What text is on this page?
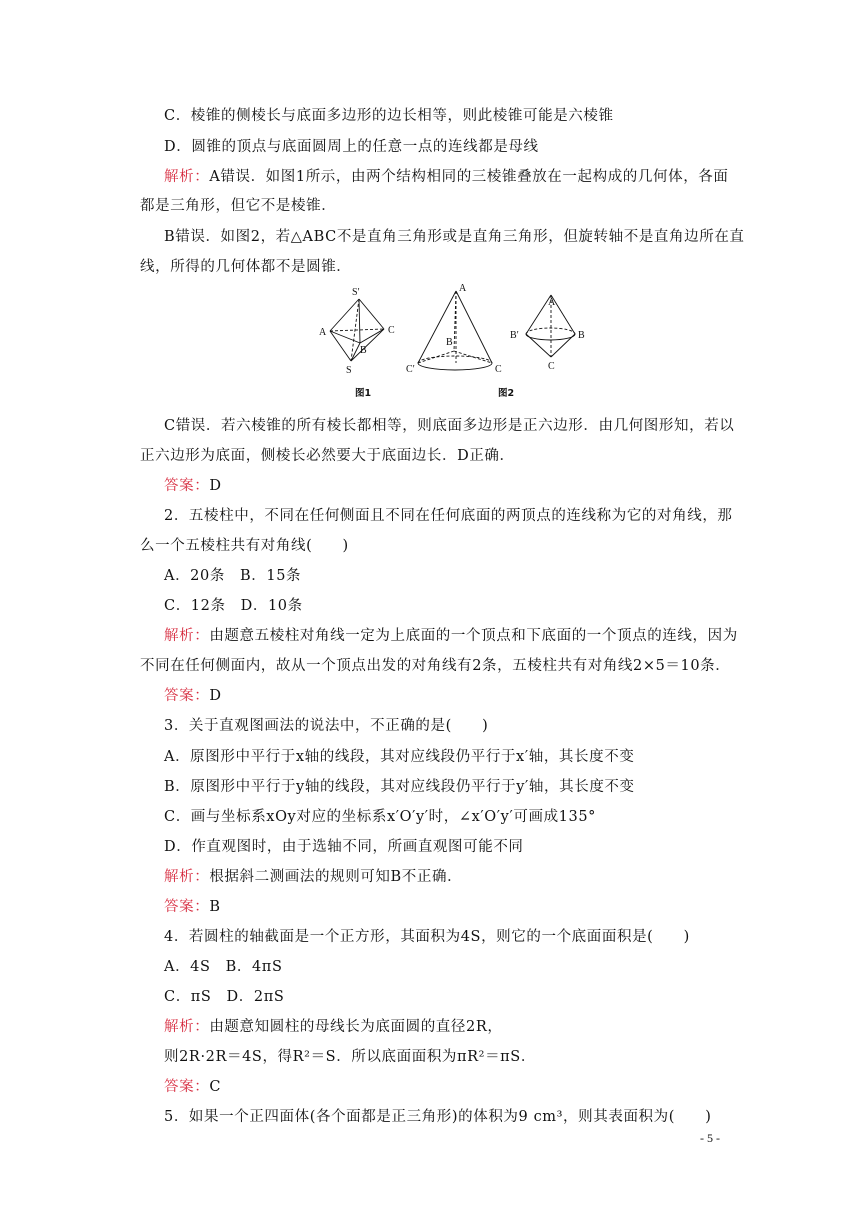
C．棱锥的侧棱长与底面多边形的边长相等，则此棱锥可能是六棱锥
D．圆锥的顶点与底面圆周上的任意一点的连线都是母线
解析：A错误．如图1所示，由两个结构相同的三棱锥叠放在一起构成的几何体，各面
都是三角形，但它不是棱锥．
B错误．如图2，若△ABC不是直角三角形或是直角三角形，但旋转轴不是直角边所在直
线，所得的几何体都不是圆锥．
C错误．若六棱锥的所有棱长都相等，则底面多边形是正六边形．由几何图形知，若以
正六边形为底面，侧棱长必然要大于底面边长．D正确．
答案：D
2．五棱柱中，不同在任何侧面且不同在任何底面的两顶点的连线称为它的对角线，那
么一个五棱柱共有对角线(　　)
A．20条　B．15条
C．12条　D．10条
解析：由题意五棱柱对角线一定为上底面的一个顶点和下底面的一个顶点的连线，因为
不同在任何侧面内，故从一个顶点出发的对角线有2条，五棱柱共有对角线2×5＝10条．
答案：D
3．关于直观图画法的说法中，不正确的是(　　)
A．原图形中平行于x轴的线段，其对应线段仍平行于x′轴，其长度不变
B．原图形中平行于y轴的线段，其对应线段仍平行于y′轴，其长度不变
C．画与坐标系xOy对应的坐标系x′O′y′时，∠x′O′y′可画成135°
D．作直观图时，由于选轴不同，所画直观图可能不同
解析：根据斜二测画法的规则可知B不正确．
答案：B
4．若圆柱的轴截面是一个正方形，其面积为4S，则它的一个底面面积是(　　)
A．4S　B．4πS
C．πS　D．2πS
解析：由题意知圆柱的母线长为底面圆的直径2R，
则2R·2R＝4S，得R²＝S．所以底面面积为πR²＝πS．
答案：C
5．如果一个正四面体(各个面都是正三角形)的体积为9 cm³，则其表面积为(　　)
S′
A	C
B
S
A
B
C′	C
A
B′	B
C
图1	图2
- 5 -
